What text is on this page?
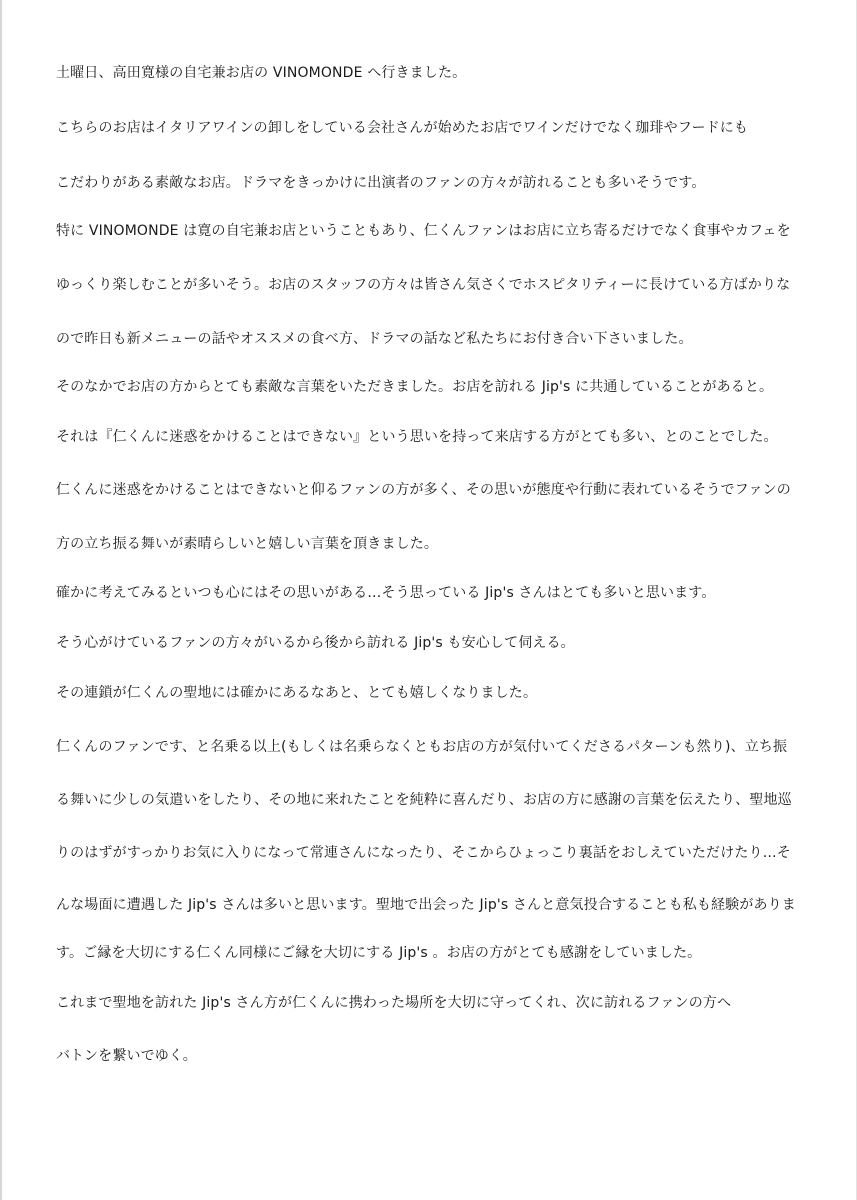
土曜日、高田寛様の自宅兼お店の VINOMONDE へ行きました。
こちらのお店はイタリアワインの卸しをしている会社さんが始めたお店でワインだけでなく珈琲やフードにも
こだわりがある素敵なお店。ドラマをきっかけに出演者のファンの方々が訪れることも多いそうです。
特に VINOMONDE は寛の自宅兼お店ということもあり、仁くんファンはお店に立ち寄るだけでなく食事やカフェを
ゆっくり楽しむことが多いそう。お店のスタッフの方々は皆さん気さくでホスピタリティーに長けている方ばかりな
ので昨日も新メニューの話やオススメの食べ方、ドラマの話など私たちにお付き合い下さいました。
そのなかでお店の方からとても素敵な言葉をいただきました。お店を訪れる Jip's に共通していることがあると。
それは『仁くんに迷惑をかけることはできない』という思いを持って来店する方がとても多い、とのことでした。
仁くんに迷惑をかけることはできないと仰るファンの方が多く、その思いが態度や行動に表れているそうでファンの
方の立ち振る舞いが素晴らしいと嬉しい言葉を頂きました。
確かに考えてみるといつも心にはその思いがある…そう思っている Jip's さんはとても多いと思います。
そう心がけているファンの方々がいるから後から訪れる Jip's も安心して伺える。
その連鎖が仁くんの聖地には確かにあるなあと、とても嬉しくなりました。
仁くんのファンです、と名乗る以上(もしくは名乗らなくともお店の方が気付いてくださるパターンも然り)、立ち振
る舞いに少しの気遣いをしたり、その地に来れたことを純粋に喜んだり、お店の方に感謝の言葉を伝えたり、聖地巡
りのはずがすっかりお気に入りになって常連さんになったり、そこからひょっこり裏話をおしえていただけたり…そ
んな場面に遭遇した Jip's さんは多いと思います。聖地で出会った Jip's さんと意気投合することも私も経験がありま
す。ご縁を大切にする仁くん同様にご縁を大切にする Jip's 。お店の方がとても感謝をしていました。
これまで聖地を訪れた Jip's さん方が仁くんに携わった場所を大切に守ってくれ、次に訪れるファンの方へ
バトンを繋いでゆく。
